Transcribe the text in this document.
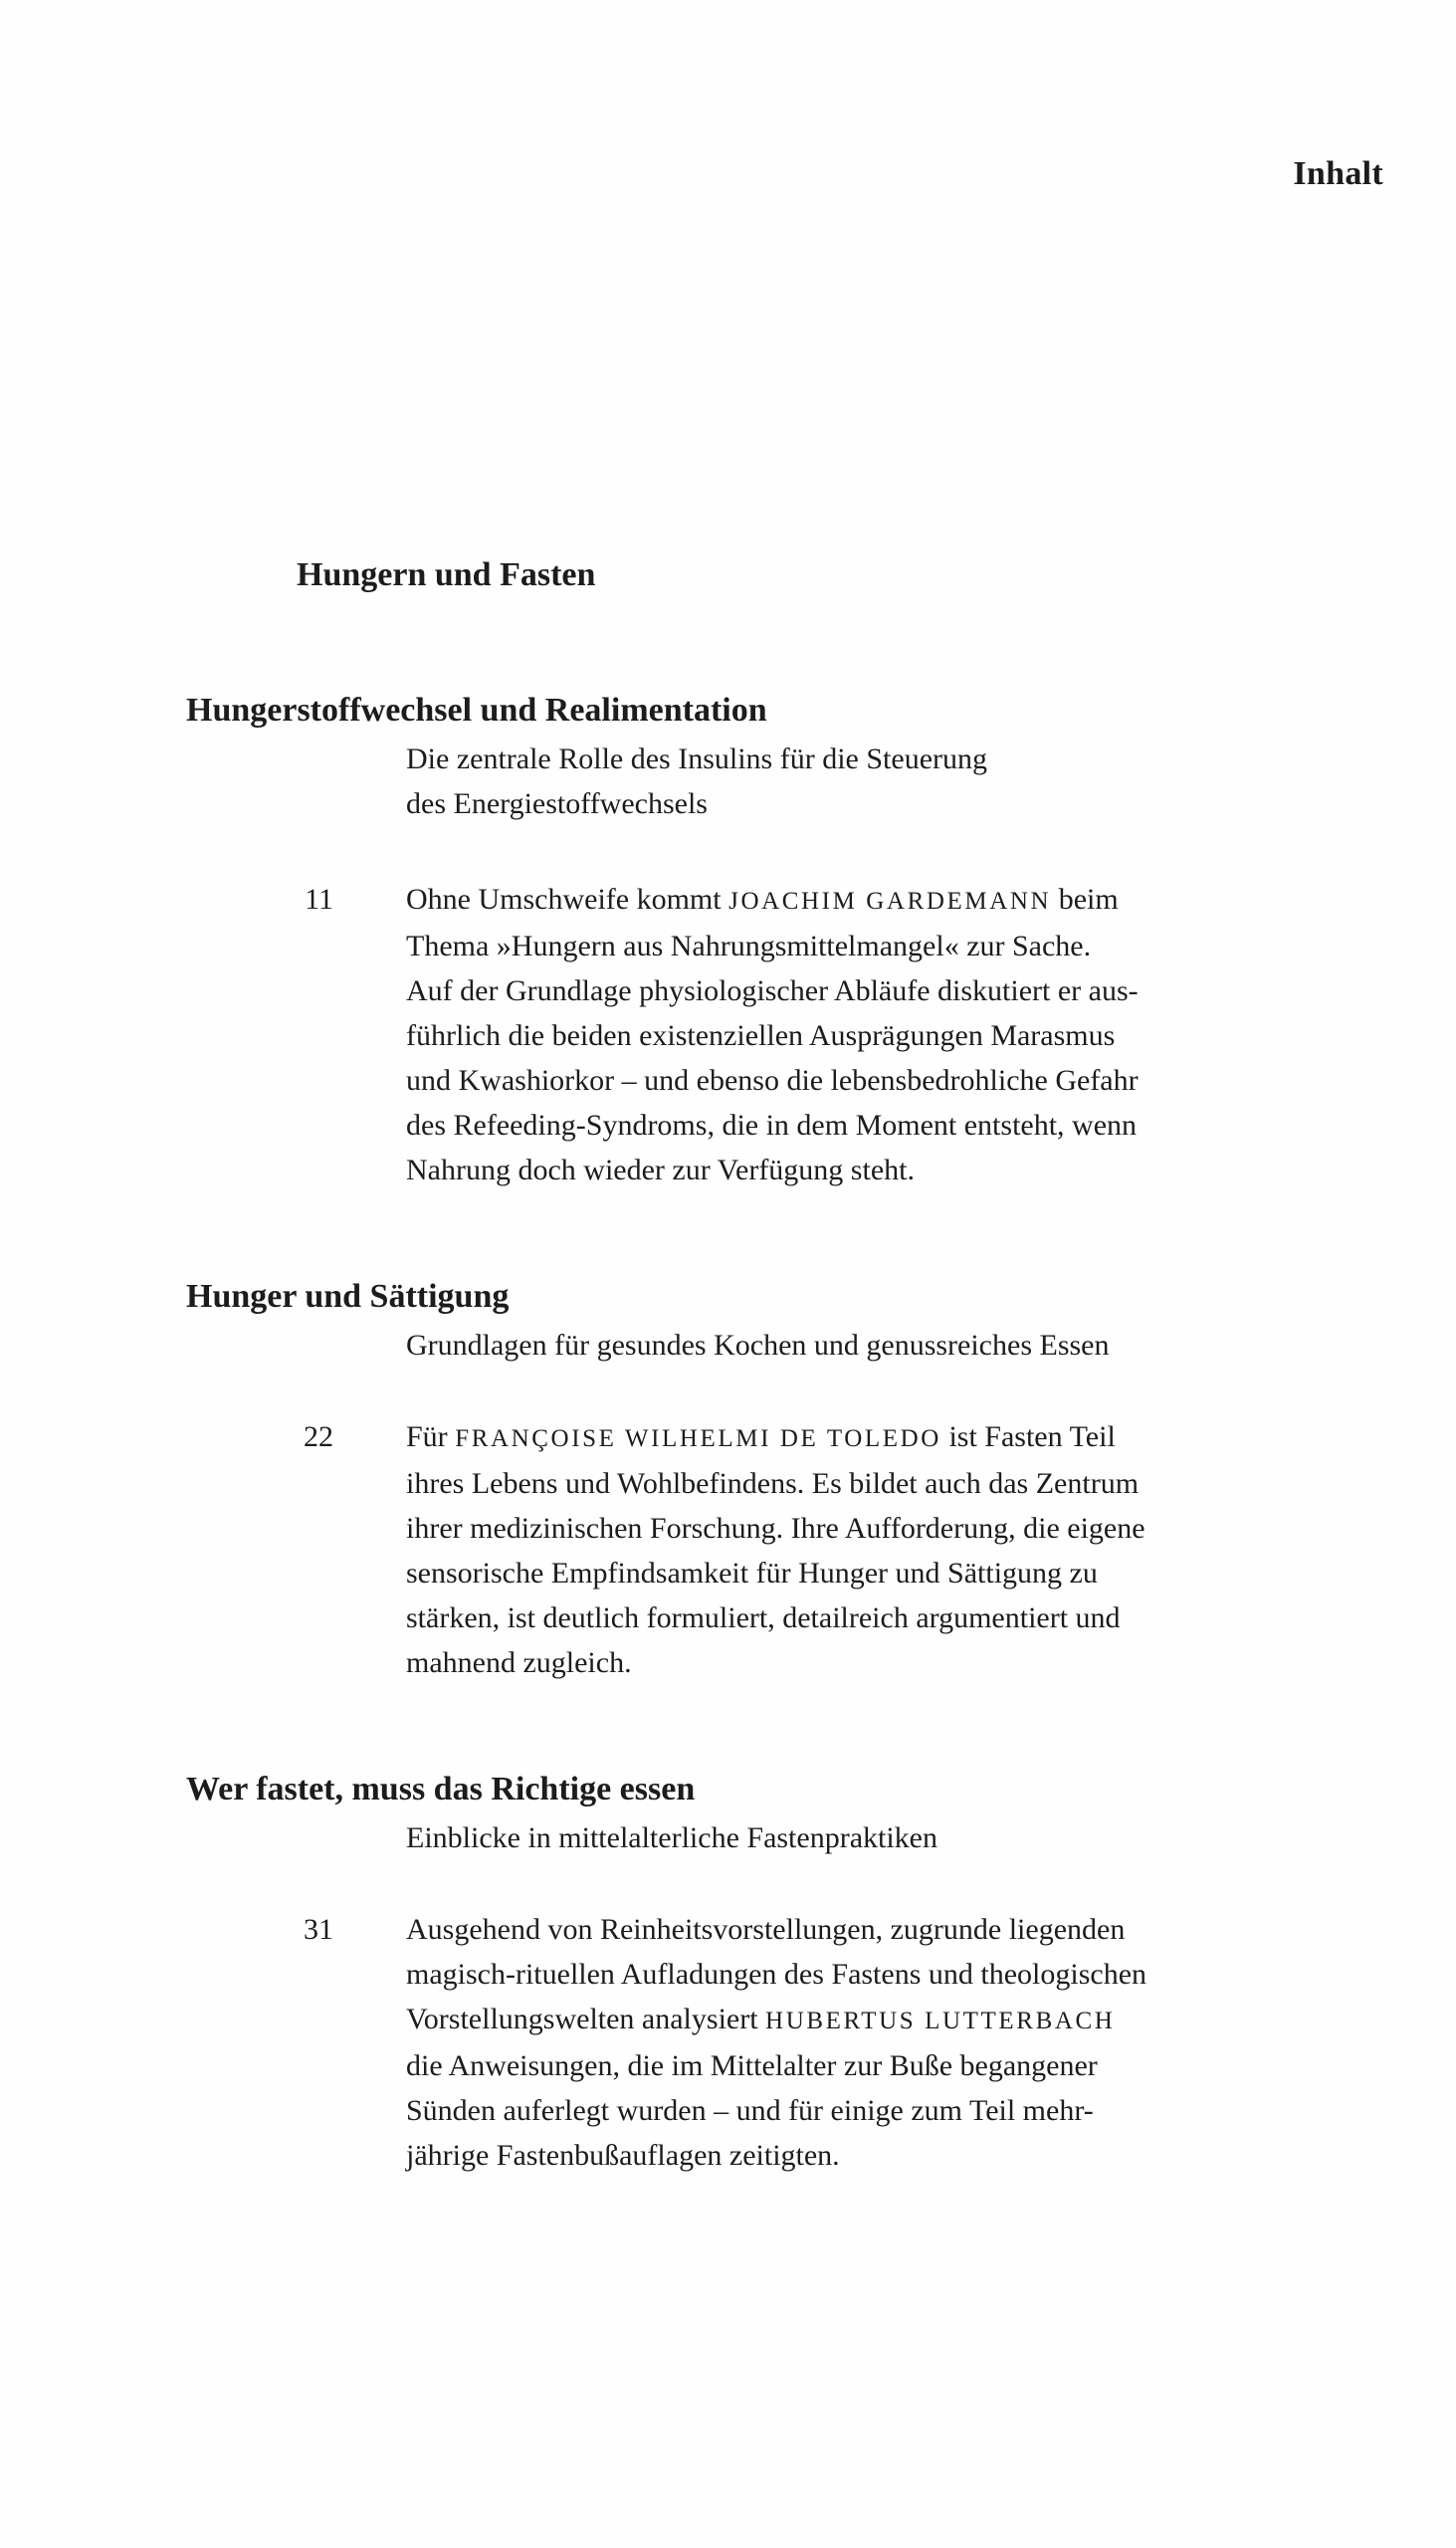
Inhalt
Hungern und Fasten
Hungerstoffwechsel und Realimentation
Die zentrale Rolle des Insulins für die Steuerung
des Energiestoffwechsels
11 Ohne Umschweife kommt JOACHIM GARDEMANN beim
Thema »Hungern aus Nahrungsmittelmangel« zur Sache.
Auf der Grundlage physiologischer Abläufe diskutiert er aus-
führlich die beiden existenziellen Ausprägungen Marasmus
und Kwashiorkor – und ebenso die lebensbedrohliche Gefahr
des Refeeding-Syndroms, die in dem Moment entsteht, wenn
Nahrung doch wieder zur Verfügung steht.
Hunger und Sättigung
Grundlagen für gesundes Kochen und genussreiches Essen
22 Für FRANÇOISE WILHELMI DE TOLEDO ist Fasten Teil
ihres Lebens und Wohlbefindens. Es bildet auch das Zentrum
ihrer medizinischen Forschung. Ihre Aufforderung, die eigene
sensorische Empfindsamkeit für Hunger und Sättigung zu
stärken, ist deutlich formuliert, detailreich argumentiert und
mahnend zugleich.
Wer fastet, muss das Richtige essen
Einblicke in mittelalterliche Fastenpraktiken
31 Ausgehend von Reinheitsvorstellungen, zugrunde liegenden
magisch-rituellen Aufladungen des Fastens und theologischen
Vorstellungswelten analysiert HUBERTUS LUTTERBACH
die Anweisungen, die im Mittelalter zur Buße begangener
Sünden auferlegt wurden – und für einige zum Teil mehr-
jährige Fastenbußauflagen zeitigten.
